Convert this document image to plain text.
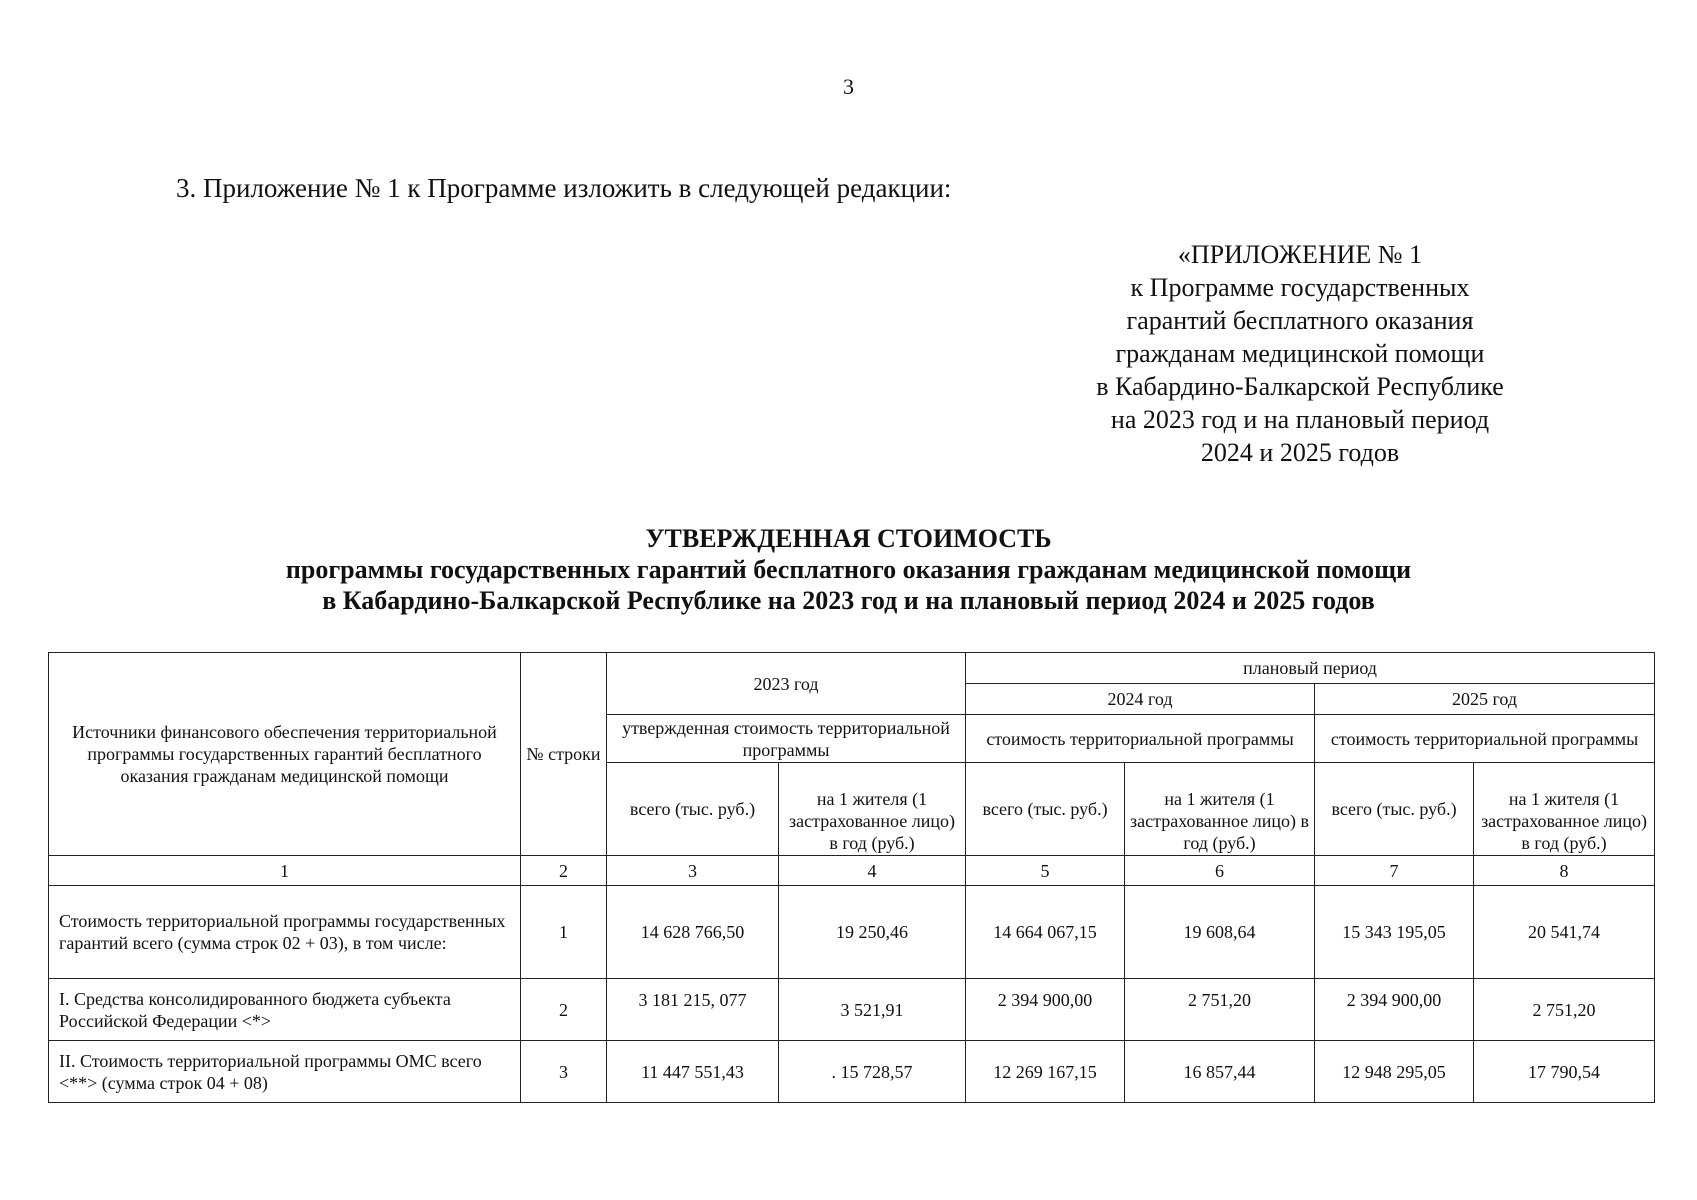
3
3. Приложение № 1 к Программе изложить в следующей редакции:
«ПРИЛОЖЕНИЕ № 1
к Программе государственных
гарантий бесплатного оказания
гражданам медицинской помощи
в Кабардино-Балкарской Республике
на 2023 год и на плановый период
2024 и 2025 годов
УТВЕРЖДЕННАЯ СТОИМОСТЬ
программы государственных гарантий бесплатного оказания гражданам медицинской помощи
в Кабардино-Балкарской Республике на 2023 год и на плановый период 2024 и 2025 годов
Источники финансового обеспечения территориальной программы государственных гарантий бесплатного оказания гражданам медицинской помощи	№ строки	2023 год		плановый период			
				2024 год		2025 год	
		утвержденная стоимость территориальной программы		стоимость территориальной программы		стоимость территориальной программы	
		всего (тыс. руб.)	на 1 жителя (1 застрахованное лицо) в год (руб.)	всего (тыс. руб.)	на 1 жителя (1 застрахованное лицо) в год (руб.)	всего (тыс. руб.)	на 1 жителя (1 застрахованное лицо) в год (руб.)
1	2	3	4	5	6	7	8
Стоимость территориальной программы государственных гарантий всего (сумма строк 02 + 03), в том числе:	1	14 628 766,50	19 250,46	14 664 067,15	19 608,64	15 343 195,05	20 541,74
I. Средства консолидированного бюджета субъекта Российской Федерации <*>	2	3 181 215, 077	3 521,91	2 394 900,00	2 751,20	2 394 900,00	2 751,20
II. Стоимость территориальной программы ОМС всего <**> (сумма строк 04 + 08)	3	11 447 551,43	. 15 728,57	12 269 167,15	16 857,44	12 948 295,05	17 790,54
